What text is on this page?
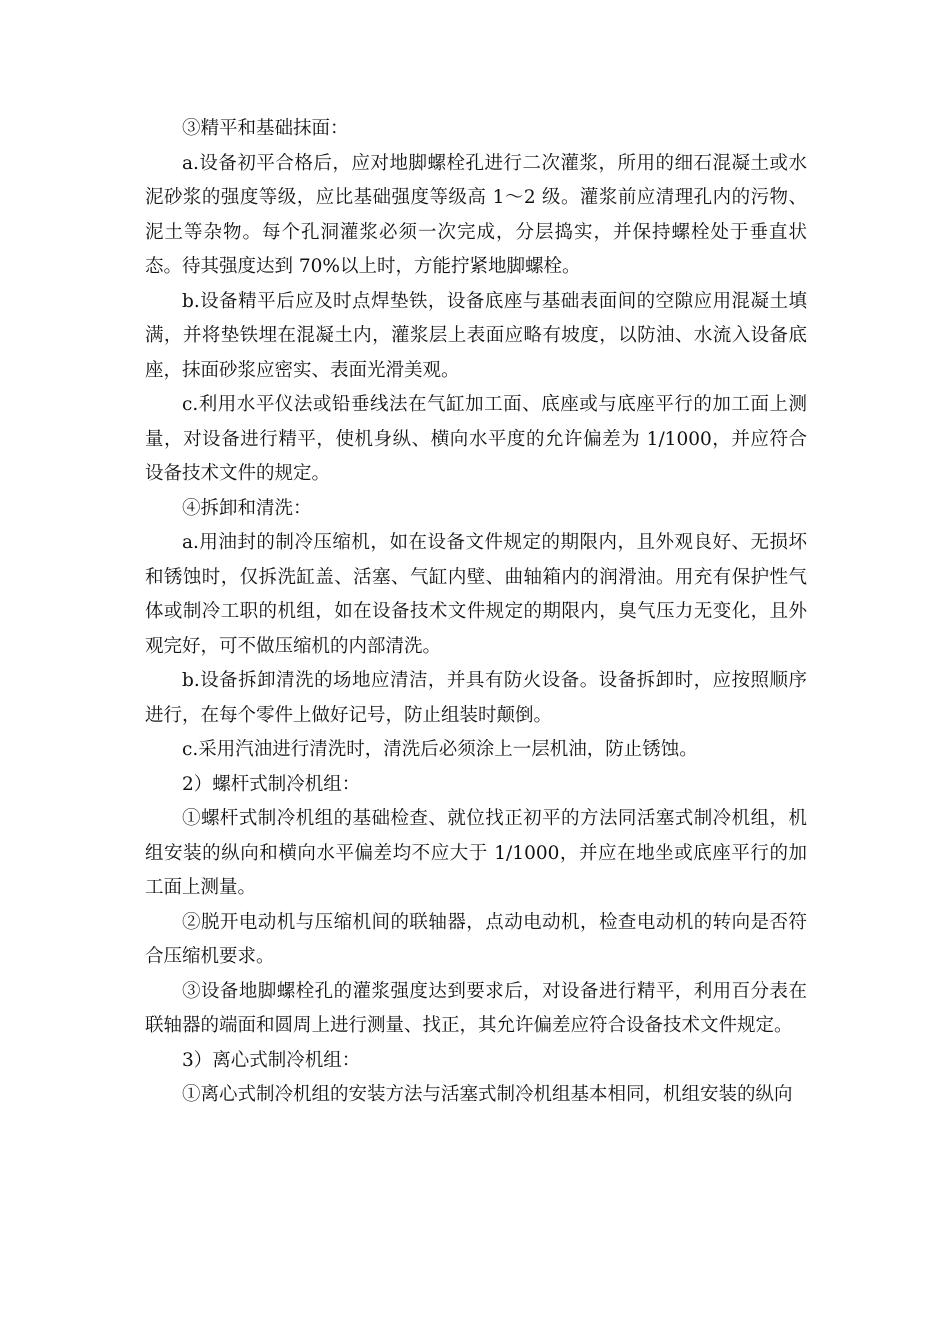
③精平和基础抹面：

a.设备初平合格后，应对地脚螺栓孔进行二次灌浆，所用的细石混凝土或水泥砂浆的强度等级，应比基础强度等级高 1～2 级。灌浆前应清理孔内的污物、泥土等杂物。每个孔洞灌浆必须一次完成，分层捣实，并保持螺栓处于垂直状态。待其强度达到 70%以上时，方能拧紧地脚螺栓。

b.设备精平后应及时点焊垫铁，设备底座与基础表面间的空隙应用混凝土填满，并将垫铁埋在混凝土内，灌浆层上表面应略有坡度，以防油、水流入设备底座，抹面砂浆应密实、表面光滑美观。

c.利用水平仪法或铅垂线法在气缸加工面、底座或与底座平行的加工面上测量，对设备进行精平，使机身纵、横向水平度的允许偏差为 1/1000，并应符合设备技术文件的规定。

④拆卸和清洗：

a.用油封的制冷压缩机，如在设备文件规定的期限内，且外观良好、无损坏和锈蚀时，仅拆洗缸盖、活塞、气缸内壁、曲轴箱内的润滑油。用充有保护性气体或制冷工职的机组，如在设备技术文件规定的期限内，臭气压力无变化，且外观完好，可不做压缩机的内部清洗。

b.设备拆卸清洗的场地应清洁，并具有防火设备。设备拆卸时，应按照顺序进行，在每个零件上做好记号，防止组装时颠倒。

c.采用汽油进行清洗时，清洗后必须涂上一层机油，防止锈蚀。

2）螺杆式制冷机组：

①螺杆式制冷机组的基础检查、就位找正初平的方法同活塞式制冷机组，机组安装的纵向和横向水平偏差均不应大于 1/1000，并应在地坐或底座平行的加工面上测量。

②脱开电动机与压缩机间的联轴器，点动电动机，检查电动机的转向是否符合压缩机要求。

③设备地脚螺栓孔的灌浆强度达到要求后，对设备进行精平，利用百分表在联轴器的端面和圆周上进行测量、找正，其允许偏差应符合设备技术文件规定。

3）离心式制冷机组：

①离心式制冷机组的安装方法与活塞式制冷机组基本相同，机组安装的纵向
